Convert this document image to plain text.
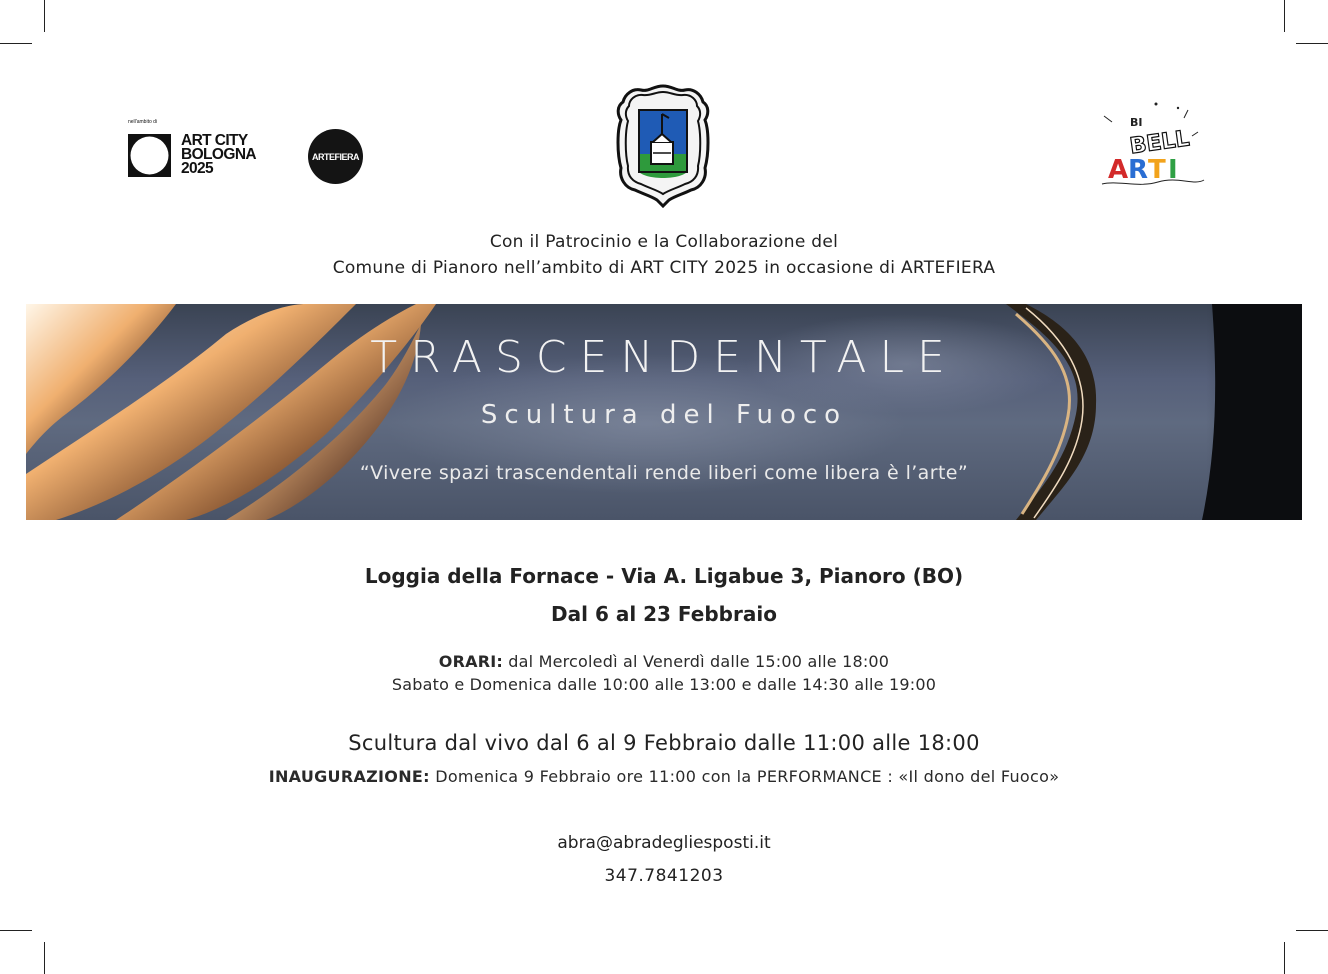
nell'ambito di
ART CITY
BOLOGNA
2025
ARTEFIERA
BI
BELL
A R T I
Con il Patrocinio e la Collaborazione del
Comune di Pianoro nell’ambito di ART CITY 2025 in occasione di ARTEFIERA
TRASCENDENTALE
Scultura del Fuoco
“Vivere spazi trascendentali rende liberi come libera è l’arte”
Loggia della Fornace - Via A. Ligabue 3, Pianoro (BO)
Dal 6 al 23 Febbraio
ORARI: dal Mercoledì al Venerdì dalle 15:00 alle 18:00
Sabato e Domenica dalle 10:00 alle 13:00 e dalle 14:30 alle 19:00
Scultura dal vivo dal 6 al 9 Febbraio dalle 11:00 alle 18:00
INAUGURAZIONE: Domenica 9 Febbraio ore 11:00 con la PERFORMANCE : «Il dono del Fuoco»
abra@abradegliesposti.it
347.7841203
